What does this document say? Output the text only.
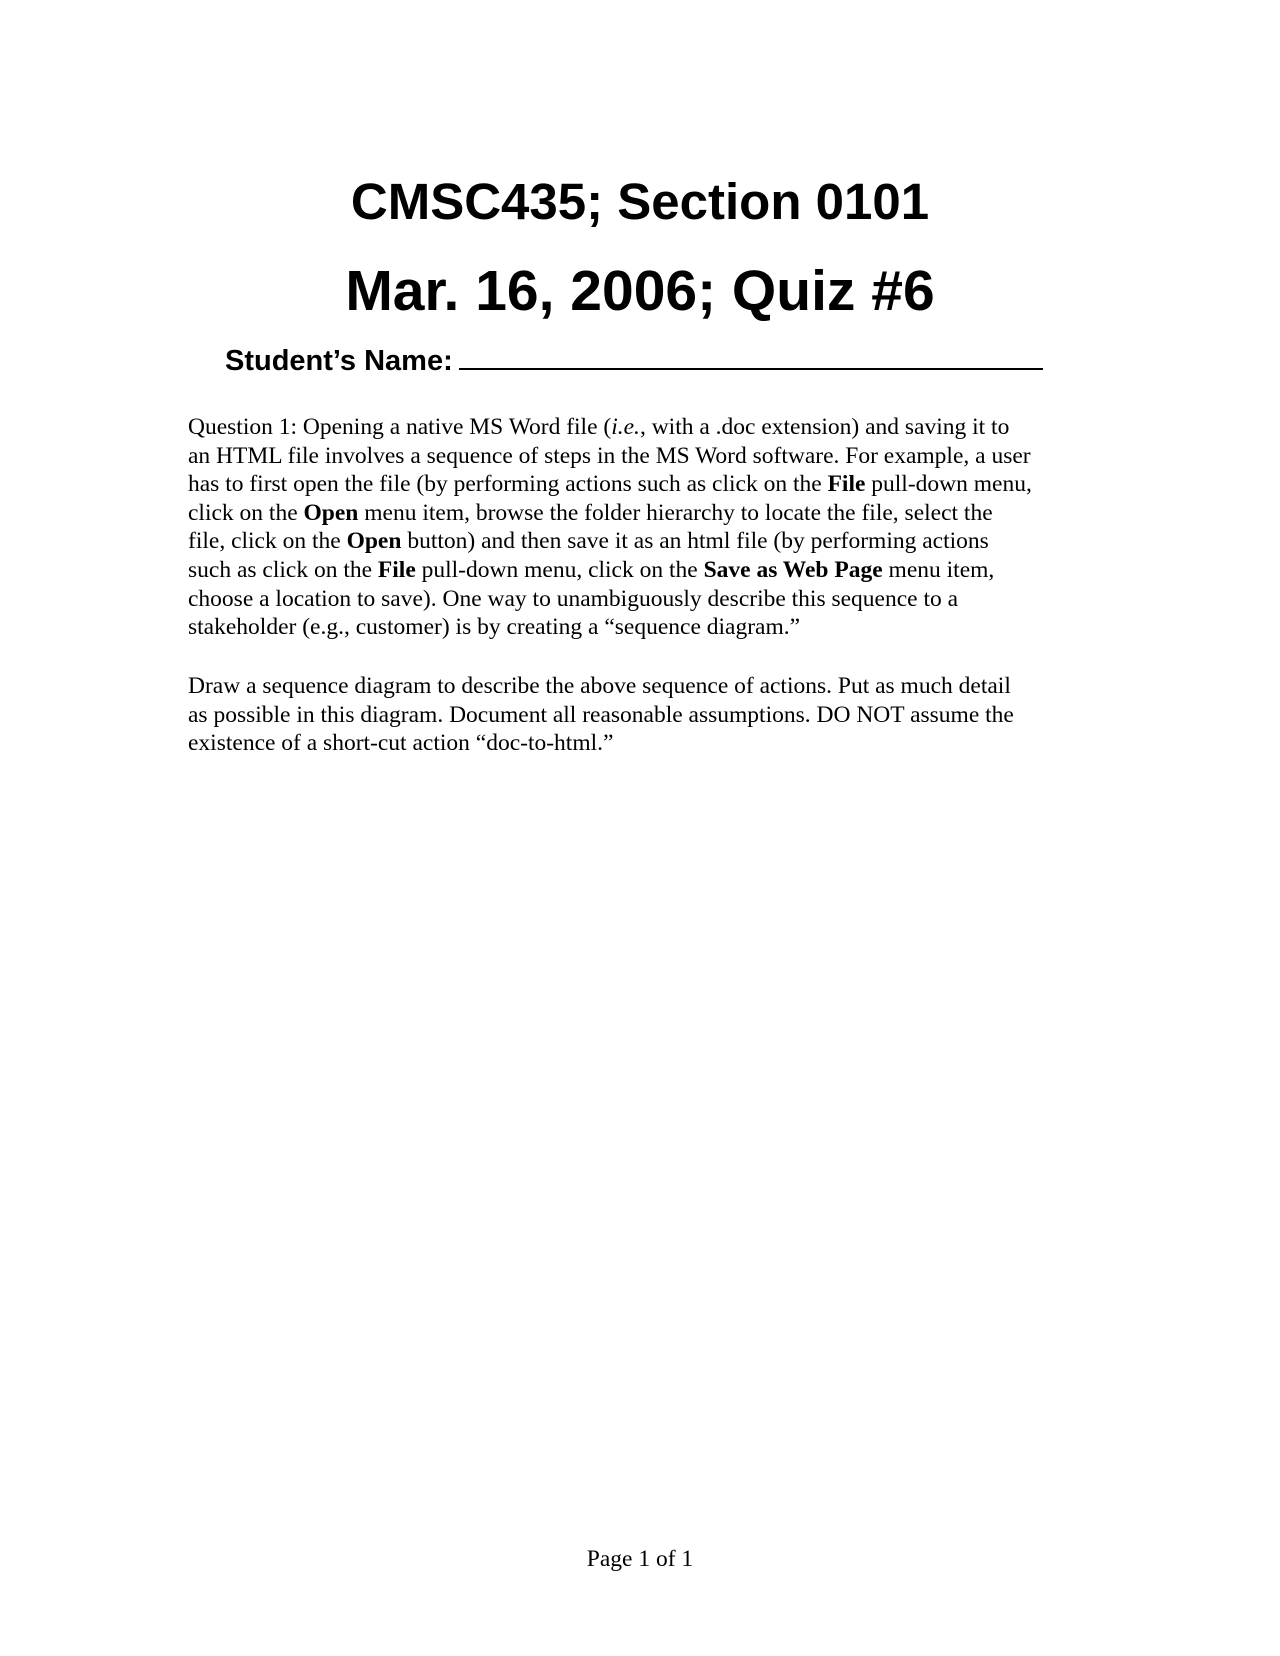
CMSC435; Section 0101
Mar. 16, 2006; Quiz #6
Student’s Name:
Question 1: Opening a native MS Word file (i.e., with a .doc extension) and saving it to
an HTML file involves a sequence of steps in the MS Word software. For example, a user
has to first open the file (by performing actions such as click on the File pull-down menu,
click on the Open menu item, browse the folder hierarchy to locate the file, select the
file, click on the Open button) and then save it as an html file (by performing actions
such as click on the File pull-down menu, click on the Save as Web Page menu item,
choose a location to save). One way to unambiguously describe this sequence to a
stakeholder (e.g., customer) is by creating a “sequence diagram.”
Draw a sequence diagram to describe the above sequence of actions. Put as much detail
as possible in this diagram. Document all reasonable assumptions. DO NOT assume the
existence of a short-cut action “doc-to-html.”
Page 1 of 1
